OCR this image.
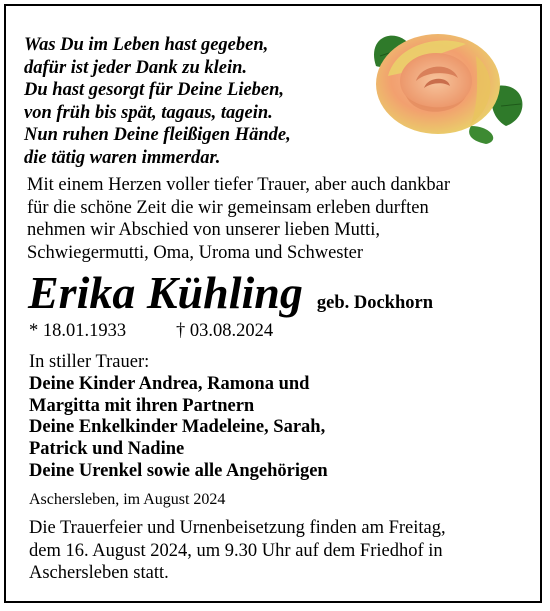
Was Du im Leben hast gegeben,
dafür ist jeder Dank zu klein.
Du hast gesorgt für Deine Lieben,
von früh bis spät, tagaus, tagein.
Nun ruhen Deine fleißigen Hände,
die tätig waren immerdar.
Mit einem Herzen voller tiefer Trauer, aber auch dankbar
für die schöne Zeit die wir gemeinsam erleben durften
nehmen wir Abschied von unserer lieben Mutti,
Schwiegermutti, Oma, Uroma und Schwester
Erika Kühling geb. Dockhorn
* 18.01.1933	† 03.08.2024
In stiller Trauer:
Deine Kinder Andrea, Ramona und
Margitta mit ihren Partnern
Deine Enkelkinder Madeleine, Sarah,
Patrick und Nadine
Deine Urenkel sowie alle Angehörigen
Aschersleben, im August 2024
Die Trauerfeier und Urnenbeisetzung finden am Freitag,
dem 16. August 2024, um 9.30 Uhr auf dem Friedhof in
Aschersleben statt.
